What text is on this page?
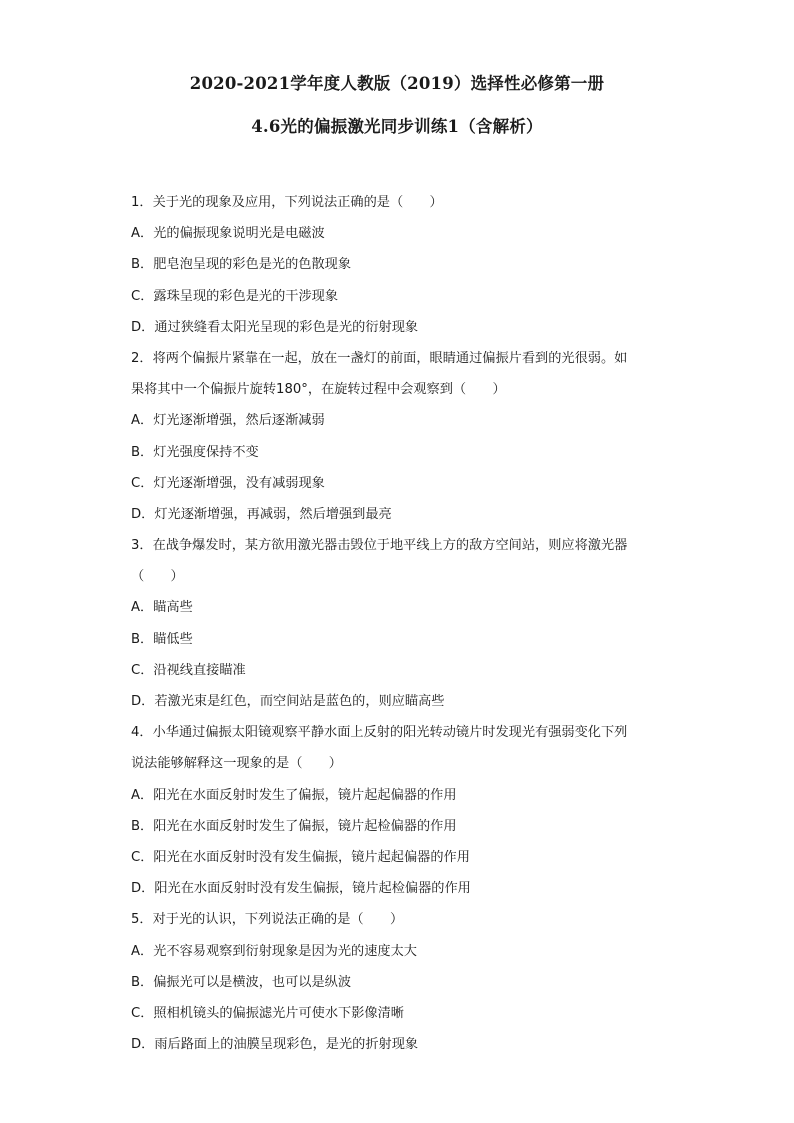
2020-2021学年度人教版（2019）选择性必修第一册
4.6光的偏振激光同步训练1（含解析）
1．关于光的现象及应用，下列说法正确的是（　　）
A．光的偏振现象说明光是电磁波
B．肥皂泡呈现的彩色是光的色散现象
C．露珠呈现的彩色是光的干涉现象
D．通过狭缝看太阳光呈现的彩色是光的衍射现象
2．将两个偏振片紧靠在一起，放在一盏灯的前面，眼睛通过偏振片看到的光很弱。如
果将其中一个偏振片旋转180°，在旋转过程中会观察到（　　）
A．灯光逐渐增强，然后逐渐减弱
B．灯光强度保持不变
C．灯光逐渐增强，没有减弱现象
D．灯光逐渐增强，再减弱，然后增强到最亮
3．在战争爆发时，某方欲用激光器击毁位于地平线上方的敌方空间站，则应将激光器
（　　）
A．瞄高些
B．瞄低些
C．沿视线直接瞄准
D．若激光束是红色，而空间站是蓝色的，则应瞄高些
4．小华通过偏振太阳镜观察平静水面上反射的阳光转动镜片时发现光有强弱变化下列
说法能够解释这一现象的是（　　）
A．阳光在水面反射时发生了偏振，镜片起起偏器的作用
B．阳光在水面反射时发生了偏振，镜片起检偏器的作用
C．阳光在水面反射时没有发生偏振，镜片起起偏器的作用
D．阳光在水面反射时没有发生偏振，镜片起检偏器的作用
5．对于光的认识，下列说法正确的是（　　）
A．光不容易观察到衍射现象是因为光的速度太大
B．偏振光可以是横波，也可以是纵波
C．照相机镜头的偏振滤光片可使水下影像清晰
D．雨后路面上的油膜呈现彩色，是光的折射现象
